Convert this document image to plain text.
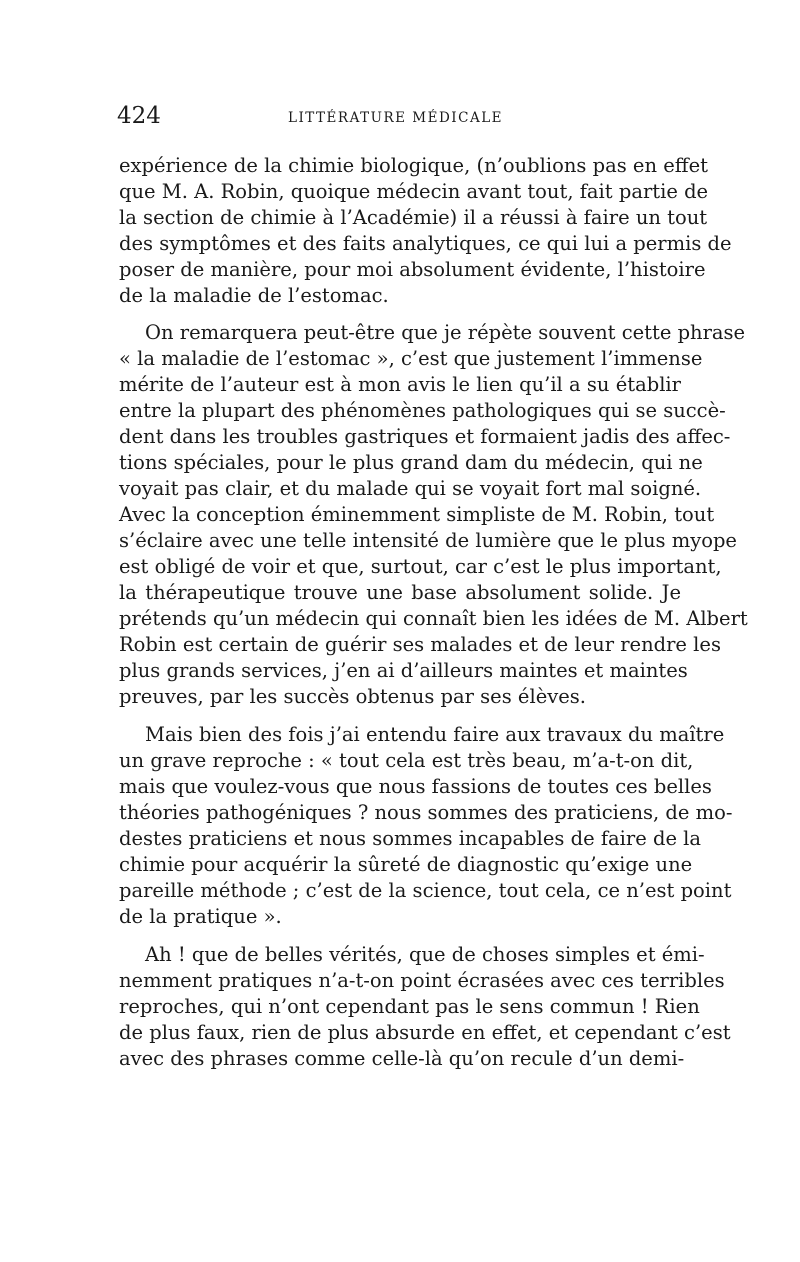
424	LITTÉRATURE MÉDICALE
expérience de la chimie biologique, (n’oublions pas en effet
que M. A. Robin, quoique médecin avant tout, fait partie de
la section de chimie à l’Académie) il a réussi à faire un tout
des symptômes et des faits analytiques, ce qui lui a permis de
poser de manière, pour moi absolument évidente, l’histoire
de la maladie de l’estomac.
On remarquera peut-être que je répète souvent cette phrase
« la maladie de l’estomac », c’est que justement l’immense
mérite de l’auteur est à mon avis le lien qu’il a su établir
entre la plupart des phénomènes pathologiques qui se succè-
dent dans les troubles gastriques et formaient jadis des affec-
tions spéciales, pour le plus grand dam du médecin, qui ne
voyait pas clair, et du malade qui se voyait fort mal soigné.
Avec la conception éminemment simpliste de M. Robin, tout
s’éclaire avec une telle intensité de lumière que le plus myope
est obligé de voir et que, surtout, car c’est le plus important,
la thérapeutique trouve une base absolument solide. Je
prétends qu’un médecin qui connaît bien les idées de M. Albert
Robin est certain de guérir ses malades et de leur rendre les
plus grands services, j’en ai d’ailleurs maintes et maintes
preuves, par les succès obtenus par ses élèves.
Mais bien des fois j’ai entendu faire aux travaux du maître
un grave reproche : « tout cela est très beau, m’a-t-on dit,
mais que voulez-vous que nous fassions de toutes ces belles
théories pathogéniques ? nous sommes des praticiens, de mo-
destes praticiens et nous sommes incapables de faire de la
chimie pour acquérir la sûreté de diagnostic qu’exige une
pareille méthode ; c’est de la science, tout cela, ce n’est point
de la pratique ».
Ah ! que de belles vérités, que de choses simples et émi-
nemment pratiques n’a-t-on point écrasées avec ces terribles
reproches, qui n’ont cependant pas le sens commun ! Rien
de plus faux, rien de plus absurde en effet, et cependant c’est
avec des phrases comme celle-là qu’on recule d’un demi-
